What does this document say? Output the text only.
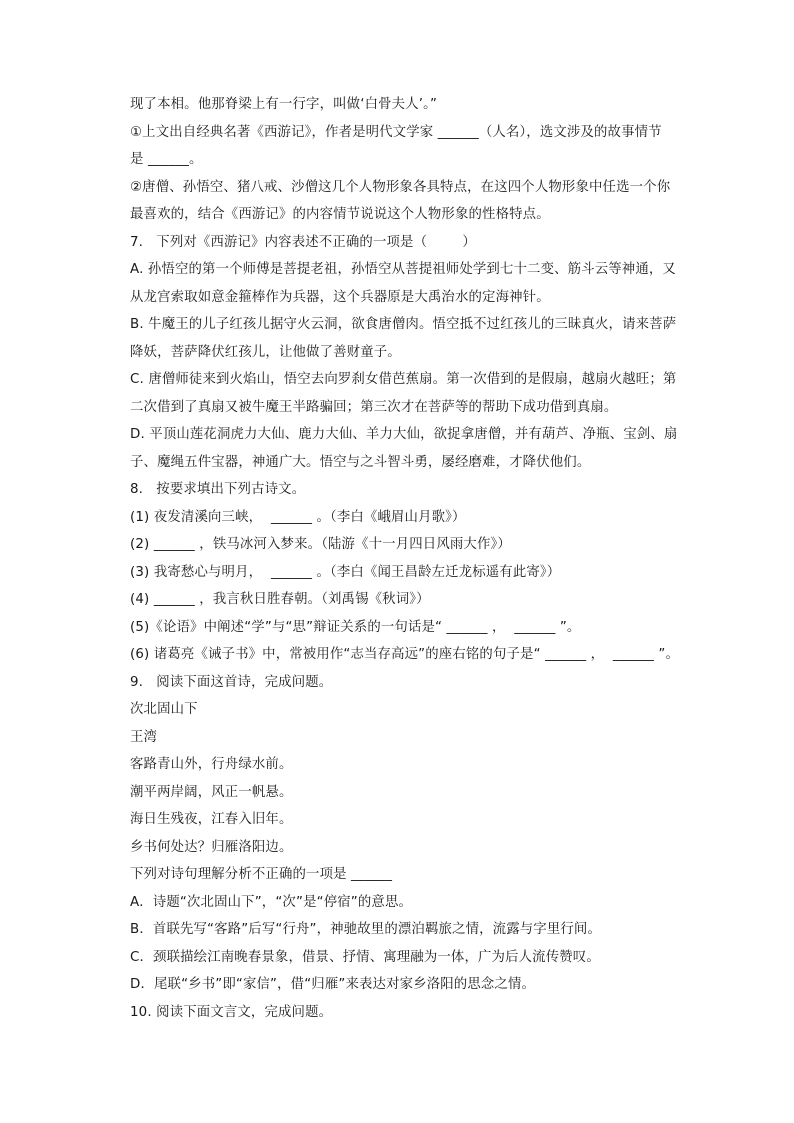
现了本相。他那脊梁上有一行字，叫做‘白骨夫人’。”
①上文出自经典名著《西游记》，作者是明代文学家 ______（人名），选文涉及的故事情节
是 ______。
②唐僧、孙悟空、猪八戒、沙僧这几个人物形象各具特点，在这四个人物形象中任选一个你
最喜欢的，结合《西游记》的内容情节说说这个人物形象的性格特点。
7.   下列对《西游记》内容表述不正确的一项是（        ）
A. 孙悟空的第一个师傅是菩提老祖，孙悟空从菩提祖师处学到七十二变、筋斗云等神通，又
从龙宫索取如意金箍棒作为兵器，这个兵器原是大禹治水的定海神针。
B. 牛魔王的儿子红孩儿据守火云洞，欲食唐僧肉。悟空抵不过红孩儿的三昧真火，请来菩萨
降妖，菩萨降伏红孩儿，让他做了善财童子。
C. 唐僧师徒来到火焰山，悟空去向罗刹女借芭蕉扇。第一次借到的是假扇，越扇火越旺；第
二次借到了真扇又被牛魔王半路骗回；第三次才在菩萨等的帮助下成功借到真扇。
D. 平顶山莲花洞虎力大仙、鹿力大仙、羊力大仙，欲捉拿唐僧，并有葫芦、净瓶、宝剑、扇
子、魔绳五件宝器，神通广大。悟空与之斗智斗勇，屡经磨难，才降伏他们。
8.   按要求填出下列古诗文。
(1) 夜发清溪向三峡，  ______ 。（李白《峨眉山月歌》）
(2) ______ ，铁马冰河入梦来。（陆游《十一月四日风雨大作》）
(3) 我寄愁心与明月，  ______ 。（李白《闻王昌龄左迁龙标遥有此寄》）
(4) ______ ，我言秋日胜春朝。（刘禹锡《秋词》）
(5)《论语》中阐述“学”与“思”辩证关系的一句话是“ ______ ，  ______ ”。
(6) 诸葛亮《诫子书》中，常被用作“志当存高远”的座右铭的句子是“ ______ ，  ______ ”。
9.   阅读下面这首诗，完成问题。
次北固山下
王湾
客路青山外，行舟绿水前。
潮平两岸阔，风正一帆悬。
海日生残夜，江春入旧年。
乡书何处达？归雁洛阳边。
下列对诗句理解分析不正确的一项是 ______
A．诗题“次北固山下”，“次”是“停宿”的意思。
B．首联先写“客路”后写“行舟”，神驰故里的漂泊羁旅之情，流露与字里行间。
C．颈联描绘江南晚春景象，借景、抒情、寓理融为一体，广为后人流传赞叹。
D．尾联“乡书”即“家信”，借“归雁”来表达对家乡洛阳的思念之情。
10. 阅读下面文言文，完成问题。
